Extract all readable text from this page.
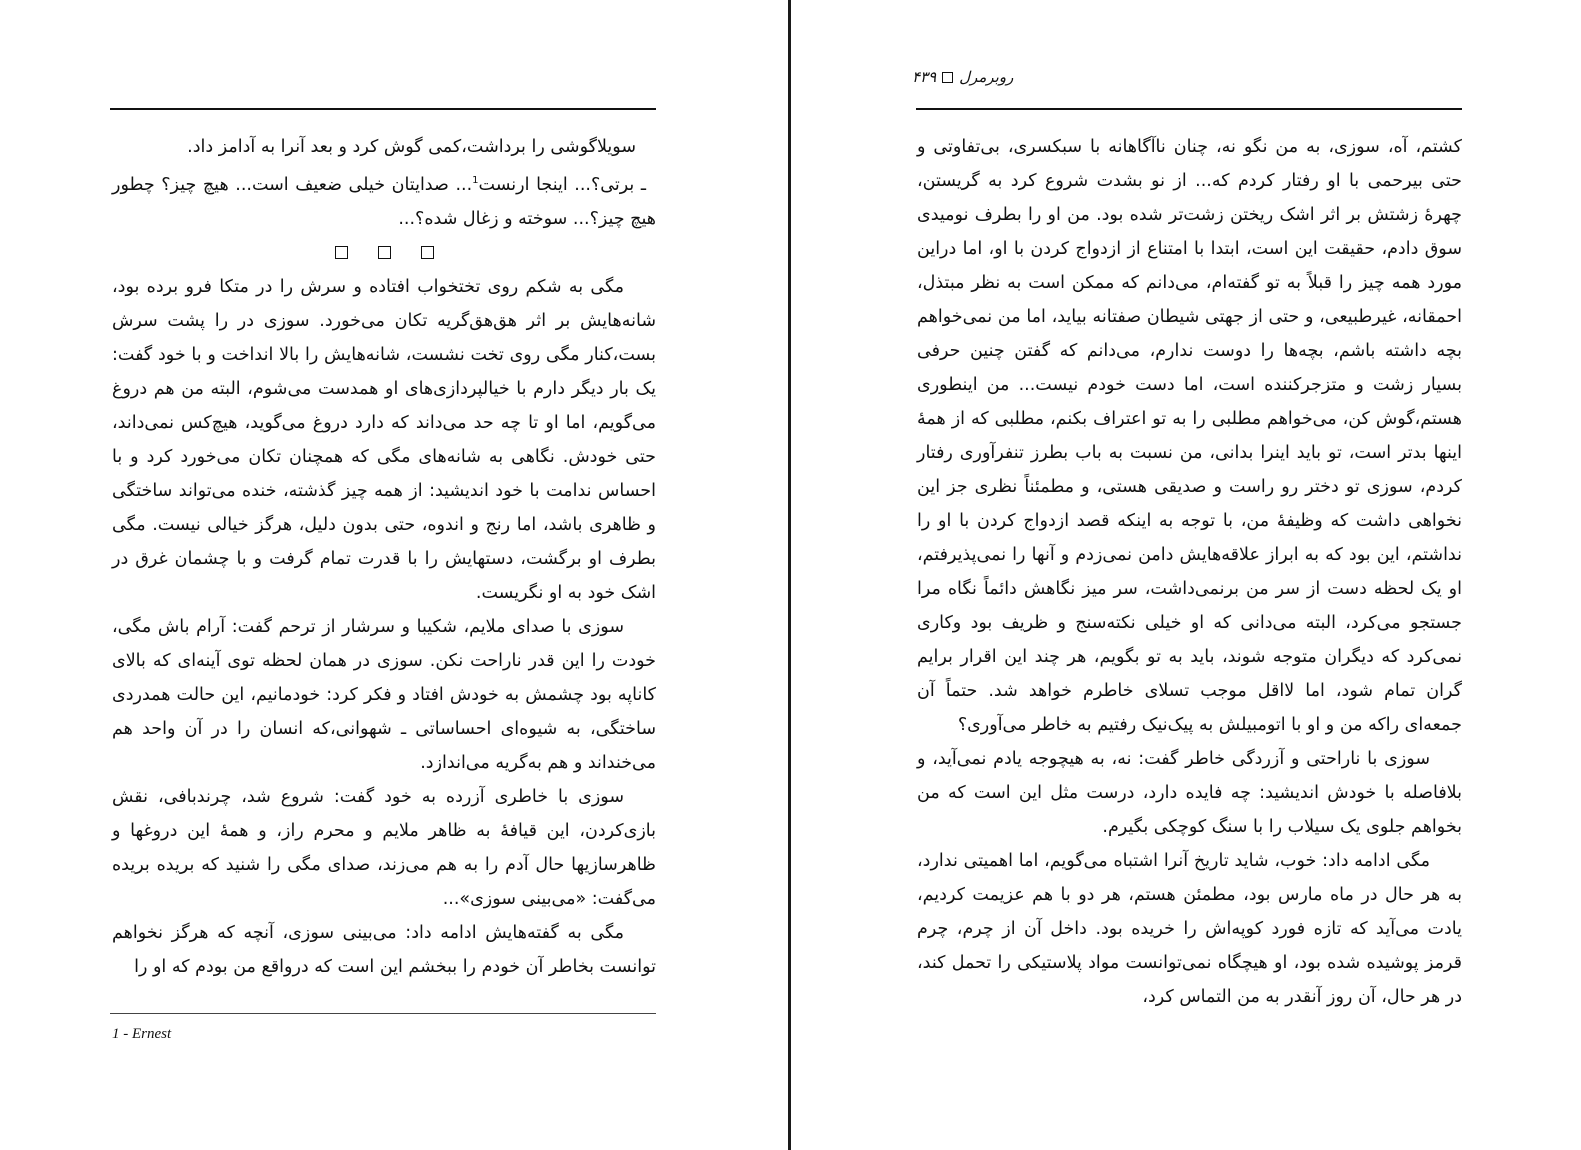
سویلاگوشی را برداشت،کمی گوش کرد و بعد آنرا به آدامز داد.

ـ برتی؟... اینجا ارنست$^1$... صدایتان خیلی ضعیف است... هیچ چیز؟ چطور هیچ چیز؟... سوخته و زغال شده؟...

مگی به شکم روی تختخواب افتاده و سرش را در متکا فرو برده بود، شانه‌هایش بر اثر هق‌هق‌گریه تکان می‌خورد. سوزی در را پشت سرش بست،کنار مگی روی تخت نشست، شانه‌هایش را بالا انداخت و با خود گفت: یک بار دیگر دارم با خیالپردازی‌های او همدست می‌شوم، البته من هم دروغ می‌گویم، اما او تا چه حد می‌داند که دارد دروغ می‌گوید، هیچ‌کس نمی‌داند، حتی خودش. نگاهی به شانه‌های مگی که همچنان تکان می‌خورد کرد و با احساس ندامت با خود اندیشید: از همه چیز گذشته، خنده می‌تواند ساختگی و ظاهری باشد، اما رنج و اندوه، حتی بدون دلیل، هرگز خیالی نیست. مگی بطرف او برگشت، دستهایش را با قدرت تمام گرفت و با چشمان غرق در اشک خود به او نگریست.

سوزی با صدای ملایم، شکیبا و سرشار از ترحم گفت: آرام باش مگی، خودت را این قدر ناراحت نکن. سوزی در همان لحظه توی آینه‌ای که بالای کاناپه بود چشمش به خودش افتاد و فکر کرد: خودمانیم، این حالت همدردی ساختگی، به شیوه‌ای احساساتی ـ شهوانی،که انسان را در آن واحد هم می‌خنداند و هم به‌گریه می‌اندازد.

سوزی با خاطری آزرده به خود گفت: شروع شد، چرندبافی، نقش بازی‌کردن، این قیافهٔ به ظاهر ملایم و محرم راز، و همهٔ این دروغها و ظاهرسازیها حال آدم را به هم می‌زند، صدای مگی را شنید که بریده بریده می‌گفت: «می‌بینی سوزی»...

مگی به گفته‌هایش ادامه داد: می‌بینی سوزی، آنچه که هرگز نخواهم توانست بخاطر آن خودم را ببخشم این است که درواقع من بودم که او را

1 - Ernest
روبرمرل
۴۳۹

کشتم، آه، سوزی، به من نگو نه، چنان ناآگاهانه با سبکسری، بی‌تفاوتی و حتی بیرحمی با او رفتار کردم که... از نو بشدت شروع کرد به گریستن، چهرهٔ زشتش بر اثر اشک ریختن زشت‌تر شده بود. من او را بطرف نومیدی سوق دادم، حقیقت این است، ابتدا با امتناع از ازدواج کردن با او، اما دراین مورد همه چیز را قبلاً به تو گفته‌ام، می‌دانم که ممکن است به نظر مبتذل، احمقانه، غیرطبیعی، و حتی از جهتی شیطان صفتانه بیاید، اما من نمی‌خواهم بچه داشته باشم، بچه‌ها را دوست ندارم، می‌دانم که گفتن چنین حرفی بسیار زشت و متزجرکننده است، اما دست خودم نیست... من اینطوری هستم،گوش کن، می‌خواهم مطلبی را به تو اعتراف بکنم، مطلبی که از همهٔ اینها بدتر است، تو باید اینرا بدانی، من نسبت به باب بطرز تنفرآوری رفتار کردم، سوزی تو دختر رو راست و صدیقی هستی، و مطمئناً نظری جز این نخواهی داشت که وظیفهٔ من، با توجه به اینکه قصد ازدواج کردن با او را نداشتم، این بود که به ابراز علاقه‌هایش دامن نمی‌زدم و آنها را نمی‌پذیرفتم، او یک لحظه دست از سر من برنمی‌داشت، سر میز نگاهش دائماً نگاه مرا جستجو می‌کرد، البته می‌دانی که او خیلی نکته‌سنج و ظریف بود وکاری نمی‌کرد که دیگران متوجه شوند، باید به تو بگویم، هر چند این اقرار برایم گران تمام شود، اما لااقل موجب تسلای خاطرم خواهد شد. حتماً آن جمعه‌ای راکه من و او با اتومبیلش به پیک‌نیک رفتیم به خاطر می‌آوری؟

سوزی با ناراحتی و آزردگی خاطر گفت: نه، به هیچوجه یادم نمی‌آید، و بلافاصله با خودش اندیشید: چه فایده دارد، درست مثل این است که من بخواهم جلوی یک سیلاب را با سنگ کوچکی بگیرم.

مگی ادامه داد: خوب، شاید تاریخ آنرا اشتباه می‌گویم، اما اهمیتی ندارد، به هر حال در ماه مارس بود، مطمئن هستم، هر دو با هم عزیمت کردیم، یادت می‌آید که تازه فورد کوپه‌اش را خریده بود. داخل آن از چرم، چرم قرمز پوشیده شده بود، او هیچگاه نمی‌توانست مواد پلاستیکی را تحمل کند، در هر حال، آن روز آنقدر به من التماس کرد،
